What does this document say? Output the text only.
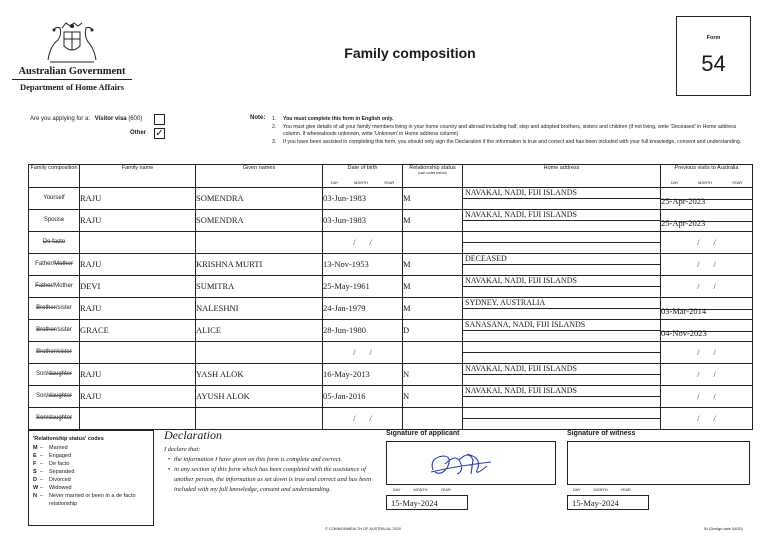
Australian Government
Department of Home Affairs
Family composition
Form
54
Are you applying for a: Visitor visa (600)
Other ✓
Note: 1.	You must complete this form in English only.
2.	You must give details of all your family members living in your home country and abroad including half, step and adopted brothers, sisters and children (if not living, write 'Deceased' in Home address column. If whereabouts unknown, write 'Unknown' in Home address column).
3.	If you have been assisted in completing this form, you should only sign the Declaration if the information is true and correct and has been included with your full knowledge, consent and understanding.
Family composition	Family name	Given names	Date of birth
DAY MONTH YEAR	Relationship status
(use codes below)	Home address	Previous visits to Australia
DAY MONTH YEAR

Yourself	RAJU	SOMENDRA	03-Jun-1983	M	NAVAKAI, NADI, FIJI ISLANDS	25-Apr-2023
Spouse	RAJU	SOMENDRA	03-Jun-1983	M	NAVAKAI, NADI, FIJI ISLANDS	25-Apr-2023
De facto			/ /			/ /
Father/Mother	RAJU	KRISHNA MURTI	13-Nov-1953	M	DECEASED	/ /
Father/Mother	DEVI	SUMITRA	25-May-1961	M	NAVAKAI, NADI, FIJI ISLANDS	/ /
Brother/sister	RAJU	NALESHNI	24-Jan-1979	M	SYDNEY, AUSTRALIA	03-Mar-2014
Brother/sister	GRACE	ALICE	28-Jun-1980	D	SANASANA, NADI, FIJI ISLANDS	04-Nov-2023
Brother/sister			/ /			/ /
Son/daughter	RAJU	YASH ALOK	16-May-2013	N	NAVAKAI, NADI, FIJI ISLANDS	/ /
Son/daughter	RAJU	AYUSH ALOK	05-Jan-2016	N	NAVAKAI, NADI, FIJI ISLANDS	/ /
Son/daughter			/ /			/ /
'Relationship status' codes
M –	Married
E –	Engaged
F –	De facto
S –	Separated
D –	Divorced
W –	Widowed
N –	Never married or been in a de facto relationship
Declaration
I declare that:
• the information I have given on this form is complete and correct.
• in any section of this form which has been completed with the assistance of another person, the information as set down is true and correct and has been included with my full knowledge, consent and understanding.
Signature of applicant
DAY	MONTH	YEAR
15-May-2024
Signature of witness
DAY	MONTH	YEAR
15-May-2024
© COMMONWEALTH OF AUSTRALIA, 2020	54 (Design date 04/20)
